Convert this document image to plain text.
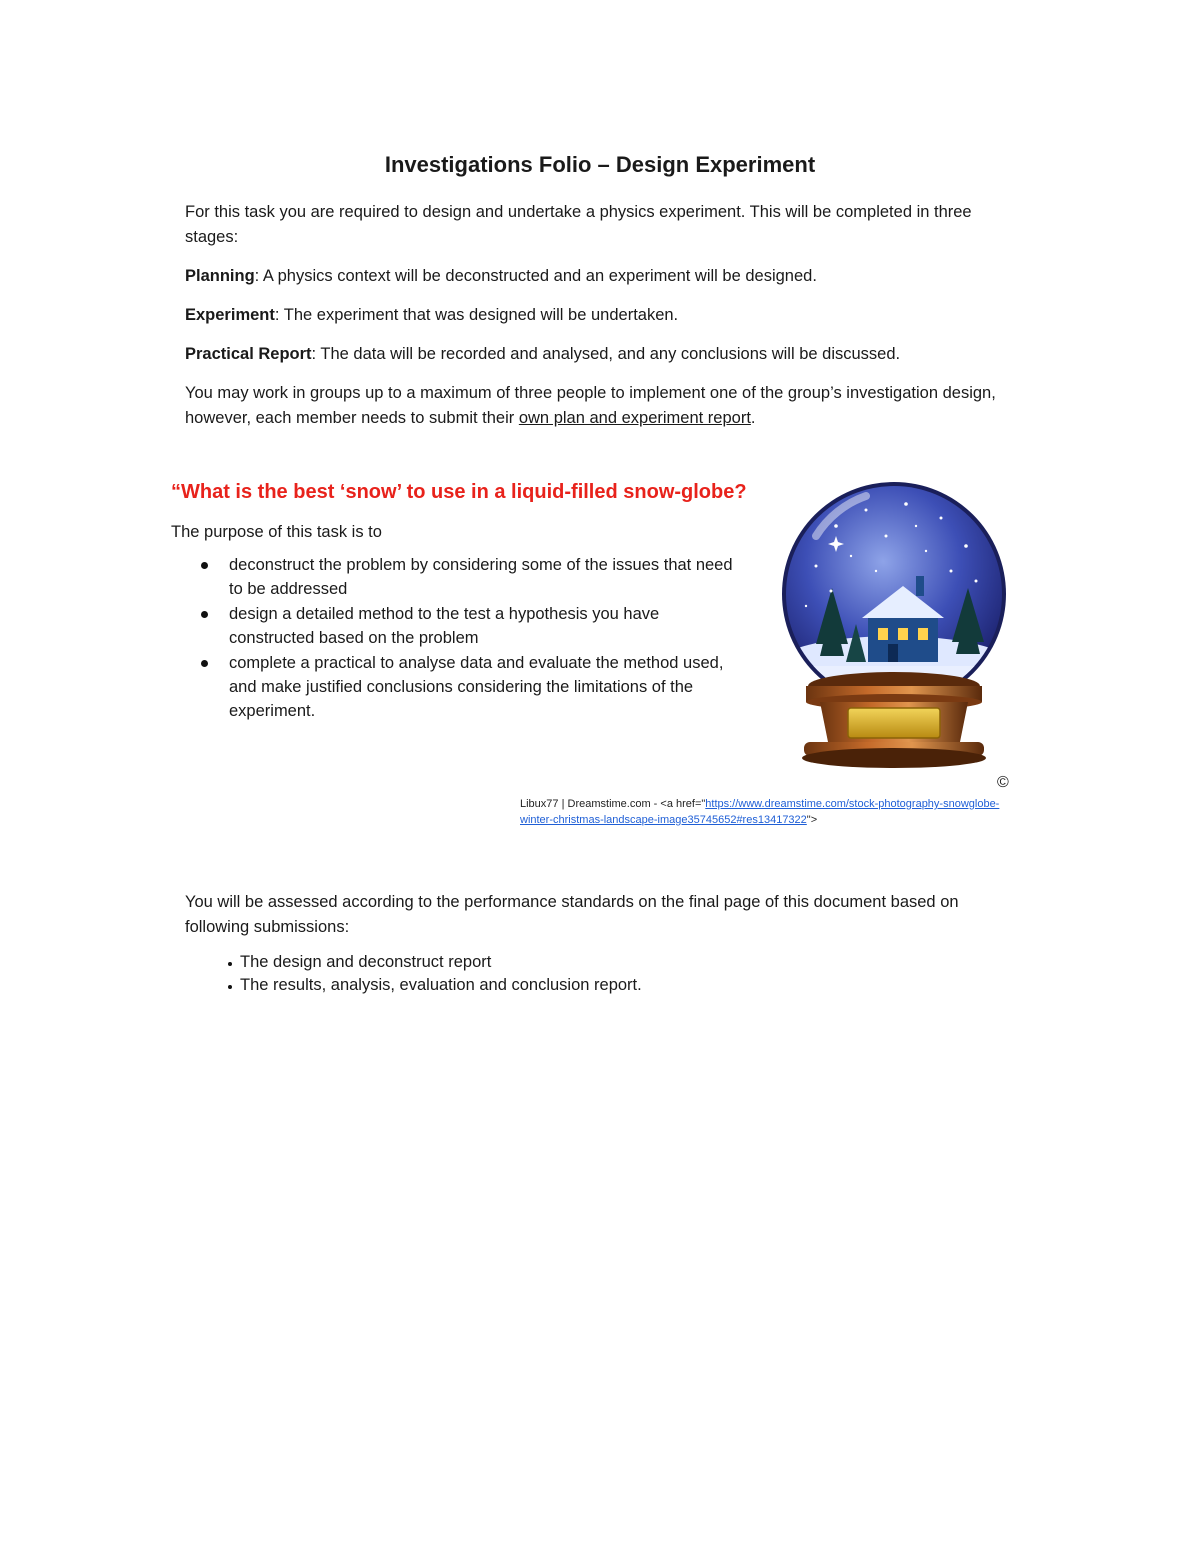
Investigations Folio – Design Experiment

For this task you are required to design and undertake a physics experiment. This will be completed in three stages:

Planning: A physics context will be deconstructed and an experiment will be designed.

Experiment: The experiment that was designed will be undertaken.

Practical Report: The data will be recorded and analysed, and any conclusions will be discussed.

You may work in groups up to a maximum of three people to implement one of the group’s investigation design, however, each member needs to submit their own plan and experiment report.

“What is the best ‘snow’ to use in a liquid-filled snow-globe?

The purpose of this task is to

deconstruct the problem by considering some of the issues that need to be addressed
design a detailed method to the test a hypothesis you have constructed based on the problem
complete a practical to analyse data and evaluate the method used, and make justified conclusions considering the limitations of the experiment.
©
Libux77 | Dreamstime.com - <a href="https://www.dreamstime.com/stock-photography-snowglobe-winter-christmas-landscape-image35745652#res13417322">

You will be assessed according to the performance standards on the final page of this document based on following submissions:

The design and deconstruct report
The results, analysis, evaluation and conclusion report.
